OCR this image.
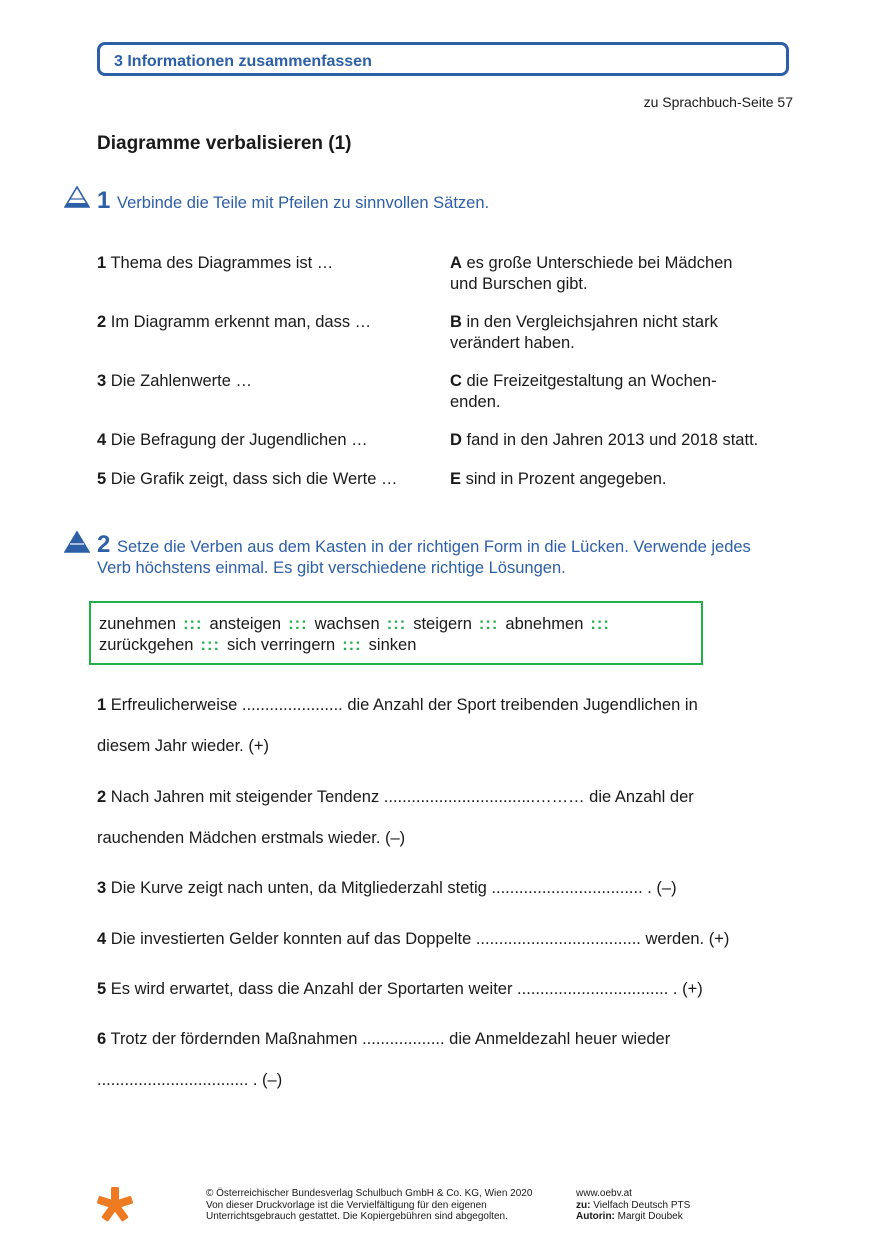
3 Informationen zusammenfassen
zu Sprachbuch-Seite 57
Diagramme verbalisieren (1)
1 Verbinde die Teile mit Pfeilen zu sinnvollen Sätzen.
1 Thema des Diagrammes ist …
2 Im Diagramm erkennt man, dass …
3 Die Zahlenwerte …
4 Die Befragung der Jugendlichen …
5 Die Grafik zeigt, dass sich die Werte …
A es große Unterschiede bei Mädchen
und Burschen gibt.
B in den Vergleichsjahren nicht stark
verändert haben.
C die Freizeitgestaltung an Wochen-
enden.
D fand in den Jahren 2013 und 2018 statt.
E sind in Prozent angegeben.
2 Setze die Verben aus dem Kasten in der richtigen Form in die Lücken. Verwende jedes
Verb höchstens einmal. Es gibt verschiedene richtige Lösungen.
zunehmen ::: ansteigen ::: wachsen ::: steigern ::: abnehmen :::
zurückgehen ::: sich verringern ::: sinken
1 Erfreulicherweise ...................... die Anzahl der Sport treibenden Jugendlichen in
diesem Jahr wieder. (+)
2 Nach Jahren mit steigender Tendenz .................................……… die Anzahl der
rauchenden Mädchen erstmals wieder. (–)
3 Die Kurve zeigt nach unten, da Mitgliederzahl stetig ................................. . (–)
4 Die investierten Gelder konnten auf das Doppelte .................................... werden. (+)
5 Es wird erwartet, dass die Anzahl der Sportarten weiter ................................. . (+)
6 Trotz der fördernden Maßnahmen .................. die Anmeldezahl heuer wieder
................................. . (–)
© Österreichischer Bundesverlag Schulbuch GmbH & Co. KG, Wien 2020
Von dieser Druckvorlage ist die Vervielfältigung für den eigenen
Unterrichtsgebrauch gestattet. Die Kopiergebühren sind abgegolten.
www.oebv.at
zu: Vielfach Deutsch PTS
Autorin: Margit Doubek
